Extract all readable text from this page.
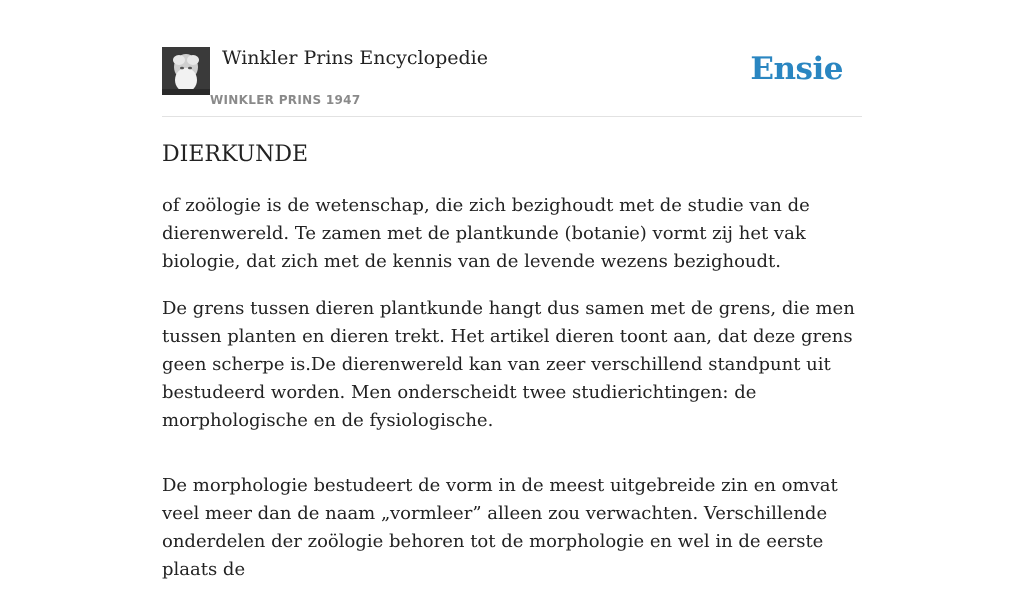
Winkler Prins Encyclopedie
WINKLER PRINS 1947
Ensie
DIERKUNDE

of zoölogie is de wetenschap, die zich bezighoudt met de studie van de dierenwereld. Te zamen met de plantkunde (botanie) vormt zij het vak biologie, dat zich met de kennis van de levende wezens bezighoudt.

De grens tussen dieren plantkunde hangt dus samen met de grens, die men tussen planten en dieren trekt. Het artikel dieren toont aan, dat deze grens geen scherpe is.De dierenwereld kan van zeer verschillend standpunt uit bestudeerd worden. Men onderscheidt twee studierichtingen: de morphologische en de fysiologische.

De morphologie bestudeert de vorm in de meest uitgebreide zin en omvat veel meer dan de naam „vormleer” alleen zou verwachten. Verschillende onderdelen der zoölogie behoren tot de morphologie en wel in de eerste plaats de
